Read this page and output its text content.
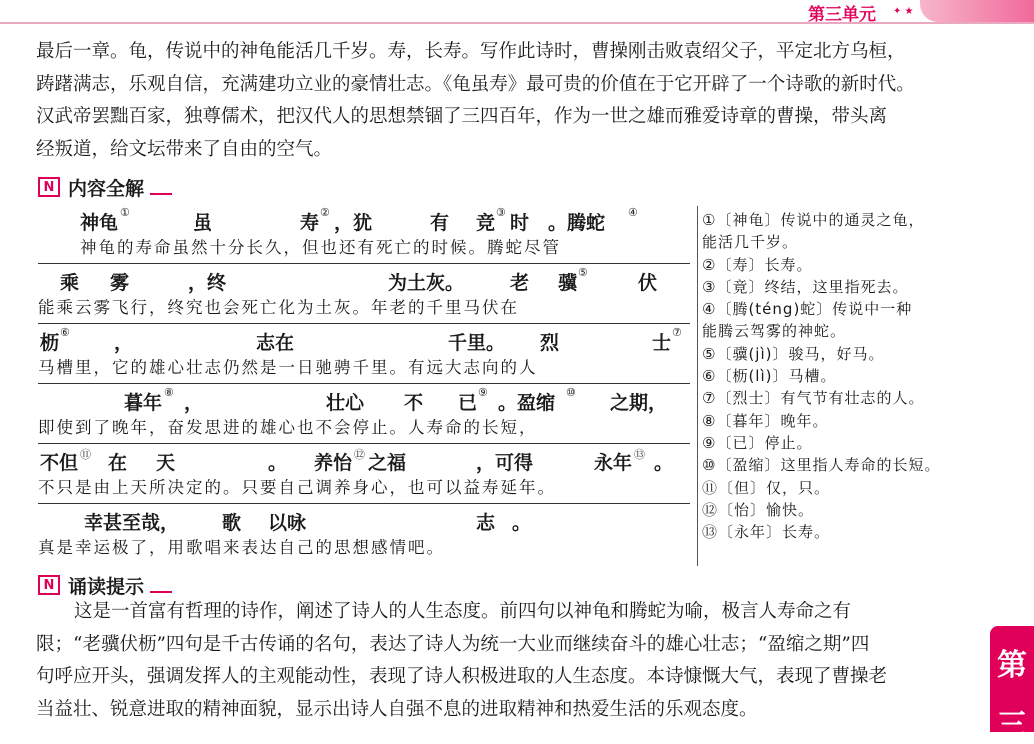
第三单元 ✦ ★
最后一章。龟，传说中的神龟能活几千岁。寿，长寿。写作此诗时，曹操刚击败袁绍父子，平定北方乌桓，
踌躇满志，乐观自信，充满建功立业的豪情壮志。《龟虽寿》最可贵的价值在于它开辟了一个诗歌的新时代。
汉武帝罢黜百家，独尊儒术，把汉代人的思想禁锢了三四百年，作为一世之雄而雅爱诗章的曹操，带头离
经叛道，给文坛带来了自由的空气。
N 内容全解
神龟 ①	虽	寿 ② ，犹	有 竞 ③ 时 。腾蛇 ④
神龟的寿命虽然十分长久，但也还有死亡的时候。腾蛇尽管
乘 雾	，终	为土灰。 老 骥 ⑤	伏
能乘云雾飞行，终究也会死亡化为土灰。年老的千里马伏在
枥 ⑥ ，	志在	千里。 烈	士 ⑦
马槽里，它的雄心壮志仍然是一日驰骋千里。有远大志向的人
暮年 ⑧ ，	壮心 不 已 ⑨ 。盈缩 ⑩ 之期，
即使到了晚年，奋发思进的雄心也不会停止。人寿命的长短，
不但 ⑪ 在 天	。 养怡 ⑫ 之福	，可得	永年 ⑬ 。
不只是由上天所决定的。只要自己调养身心，也可以益寿延年。
幸甚至哉， 歌 以咏	志 。
真是幸运极了，用歌唱来表达自己的思想感情吧。
①〔神龟〕传说中的通灵之龟，
能活几千岁。
②〔寿〕长寿。
③〔竟〕终结，这里指死去。
④〔腾(téng)蛇〕传说中一种
能腾云驾雾的神蛇。
⑤〔骥(jì)〕骏马，好马。
⑥〔枥(lì)〕马槽。
⑦〔烈士〕有气节有壮志的人。
⑧〔暮年〕晚年。
⑨〔已〕停止。
⑩〔盈缩〕这里指人寿命的长短。
⑪〔但〕仅，只。
⑫〔怡〕愉快。
⑬〔永年〕长寿。
N 诵读提示
这是一首富有哲理的诗作，阐述了诗人的人生态度。前四句以神龟和腾蛇为喻，极言人寿命之有
限；“老骥伏枥”四句是千古传诵的名句，表达了诗人为统一大业而继续奋斗的雄心壮志；“盈缩之期”四
句呼应开头，强调发挥人的主观能动性，表现了诗人积极进取的人生态度。本诗慷慨大气，表现了曹操老
当益壮、锐意进取的精神面貌，显示出诗人自强不息的进取精神和热爱生活的乐观态度。
第
三
